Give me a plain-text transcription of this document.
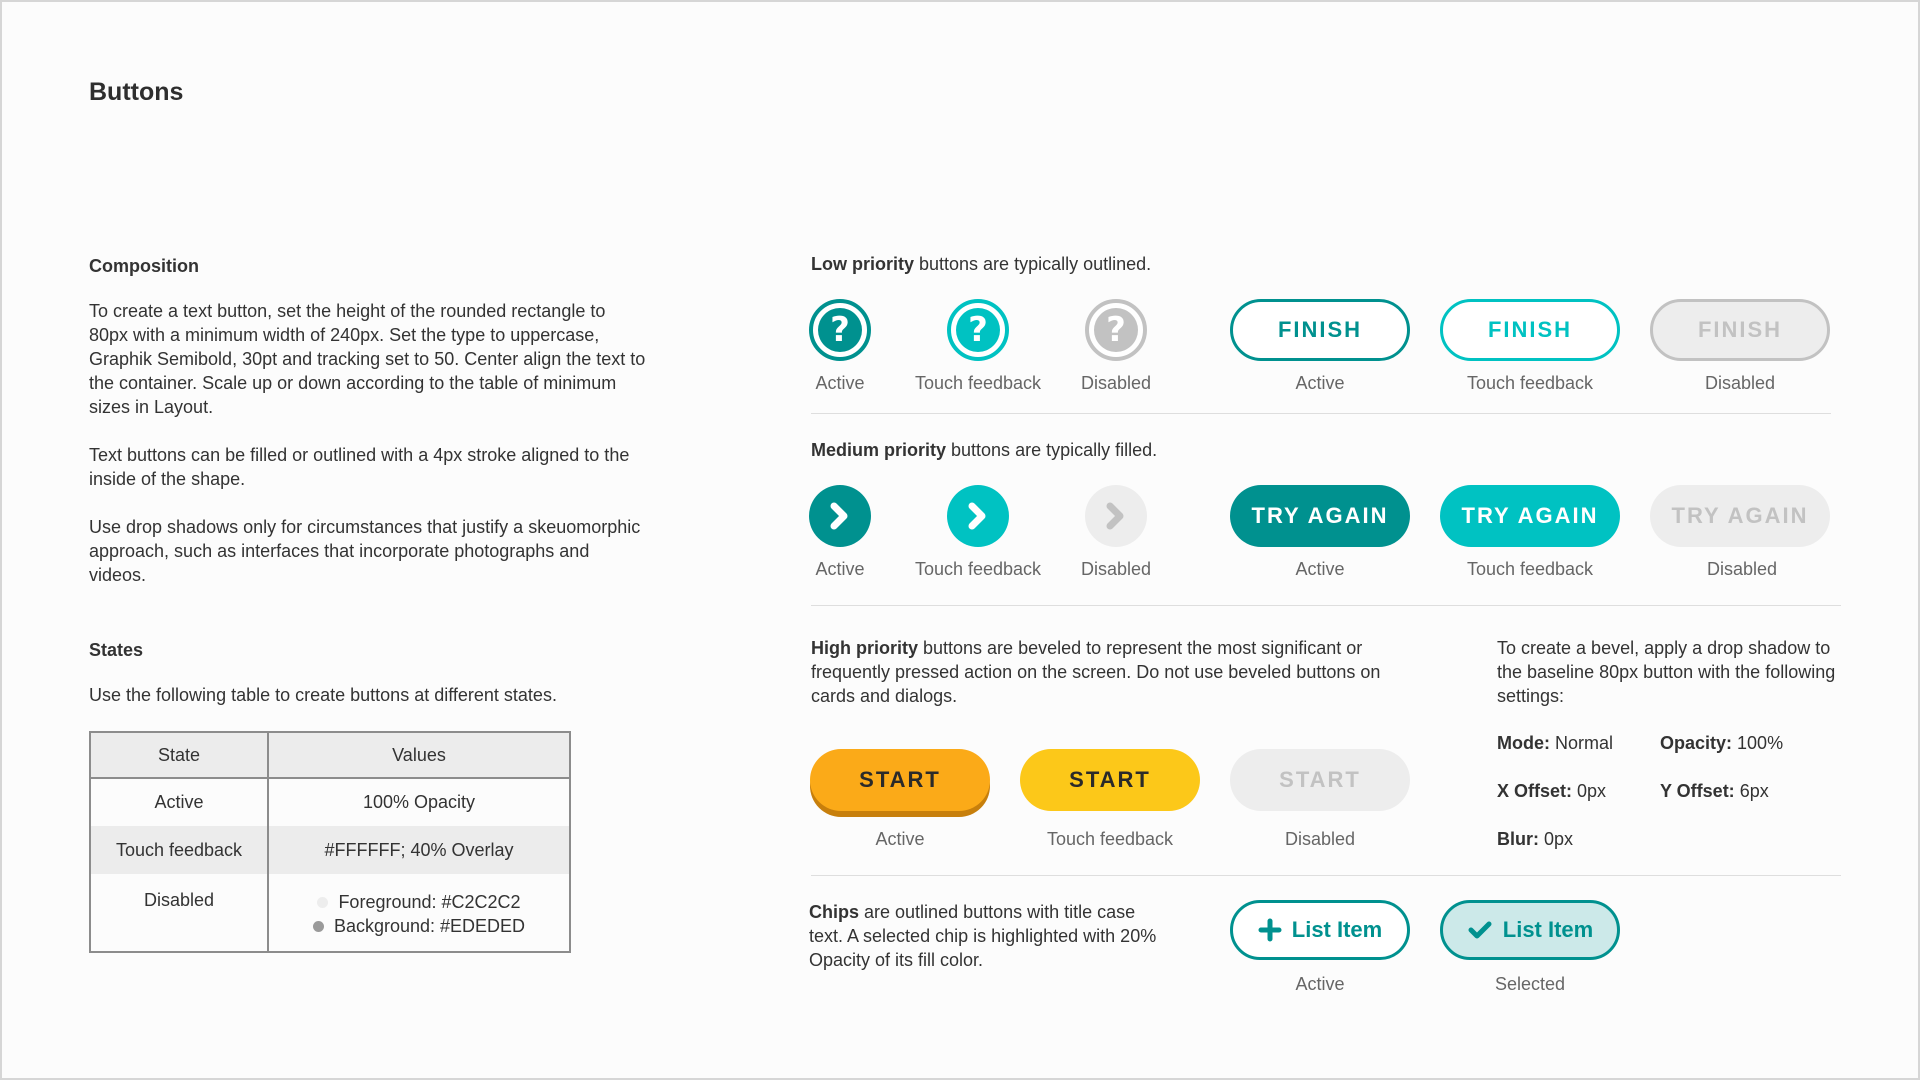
Buttons
Composition
To create a text button, set the height of the rounded rectangle to 80px with a minimum width of 240px. Set the type to uppercase, Graphik Semibold, 30pt and tracking set to 50. Center align the text to the container. Scale up or down according to the table of minimum sizes in Layout.
Text buttons can be filled or outlined with a 4px stroke aligned to the inside of the shape.
Use drop shadows only for circumstances that justify a skeuomorphic approach, such as interfaces that incorporate photographs and videos.
States
Use the following table to create buttons at different states.
State	Values
Active	100% Opacity
Touch feedback	#FFFFFF; 40% Overlay
Disabled	Foreground: #C2C2C2
Background: #EDEDED
Low priority buttons are typically outlined.
?	?	?	FINISH	FINISH	FINISH
Active	Touch feedback	Disabled	Active	Touch feedback	Disabled
Medium priority buttons are typically filled.
TRY AGAIN	TRY AGAIN	TRY AGAIN
Active	Touch feedback	Disabled	Active	Touch feedback	Disabled
High priority buttons are beveled to represent the most significant or frequently pressed action on the screen. Do not use beveled buttons on cards and dialogs.
To create a bevel, apply a drop shadow to the baseline 80px button with the following settings:
START	START	START
Active	Touch feedback	Disabled
Mode: Normal	Opacity: 100%
X Offset: 0px	Y Offset: 6px
Blur: 0px
Chips are outlined buttons with title case text. A selected chip is highlighted with 20% Opacity of its fill color.
List Item	List Item
Active	Selected
